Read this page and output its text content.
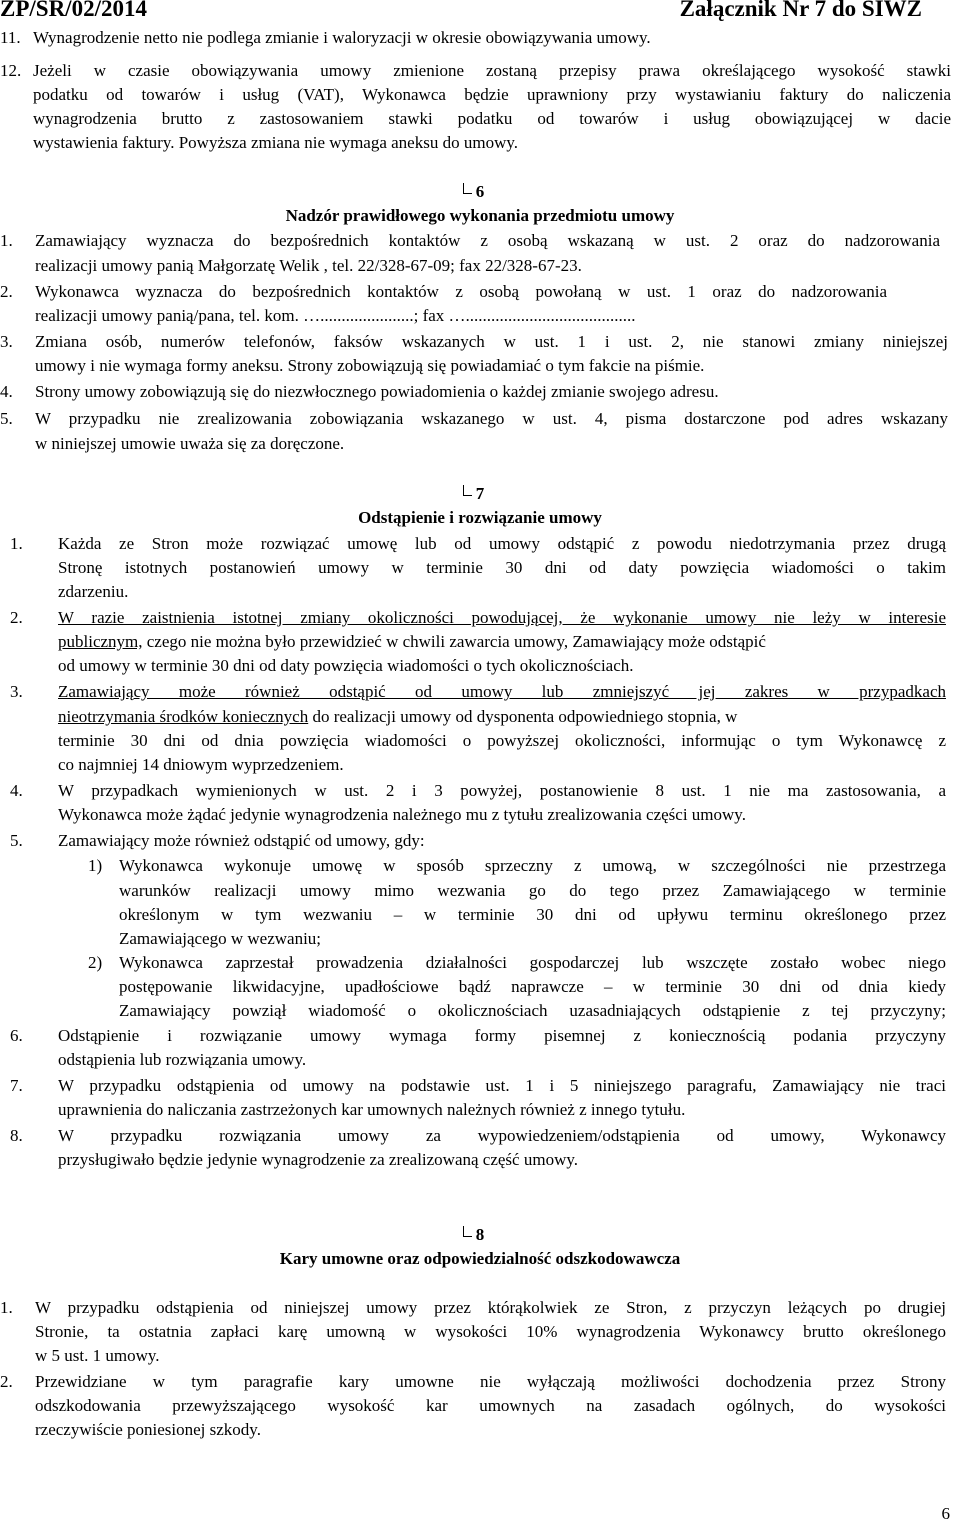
ZP/SR/02/2014	Załącznik Nr 7 do SIWZ
11. Wynagrodzenie netto nie podlega zmianie i waloryzacji w okresie obowiązywania umowy.
12. Jeżeli w czasie obowiązywania umowy zmienione zostaną przepisy prawa określającego wysokość stawki
podatku od towarów i usług (VAT), Wykonawca będzie uprawniony przy wystawianiu faktury do naliczenia
wynagrodzenia brutto z zastosowaniem stawki podatku od towarów i usług obowiązującej w dacie
wystawienia faktury. Powyższa zmiana nie wymaga aneksu do umowy.
6
Nadzór prawidłowego wykonania przedmiotu umowy
1. Zamawiający wyznacza do bezpośrednich kontaktów z osobą wskazaną w ust. 2 oraz do nadzorowania
realizacji umowy panią Małgorzatę Welik , tel. 22/328-67-09; fax 22/328-67-23.
2. Wykonawca wyznacza do bezpośrednich kontaktów z osobą powołaną w ust. 1 oraz do nadzorowania
realizacji umowy panią/pana, tel. kom. …......................; fax …........................................
3. Zmiana osób, numerów telefonów, faksów wskazanych w ust. 1 i ust. 2, nie stanowi zmiany niniejszej
umowy i nie wymaga formy aneksu. Strony zobowiązują się powiadamiać o tym fakcie na piśmie.
4. Strony umowy zobowiązują się do niezwłocznego powiadomienia o każdej zmianie swojego adresu.
5. W przypadku nie zrealizowania zobowiązania wskazanego w ust. 4, pisma dostarczone pod adres wskazany
w niniejszej umowie uważa się za doręczone.
7
Odstąpienie i rozwiązanie umowy
1. Każda ze Stron może rozwiązać umowę lub od umowy odstąpić z powodu niedotrzymania przez drugą
Stronę istotnych postanowień umowy w terminie 30 dni od daty powzięcia wiadomości o takim
zdarzeniu.
2. W razie zaistnienia istotnej zmiany okoliczności powodującej, że wykonanie umowy nie leży w interesie
publicznym, czego nie można było przewidzieć w chwili zawarcia umowy, Zamawiający może odstąpić
od umowy w terminie 30 dni od daty powzięcia wiadomości o tych okolicznościach.
3. Zamawiający może również odstąpić od umowy lub zmniejszyć jej zakres w przypadkach
nieotrzymania środków koniecznych do realizacji umowy od dysponenta odpowiedniego stopnia, w
terminie 30 dni od dnia powzięcia wiadomości o powyższej okoliczności, informując o tym Wykonawcę z
co najmniej 14 dniowym wyprzedzeniem.
4. W przypadkach wymienionych w ust. 2 i 3 powyżej, postanowienie 8 ust. 1 nie ma zastosowania, a
Wykonawca może żądać jedynie wynagrodzenia należnego mu z tytułu zrealizowania części umowy.
5. Zamawiający może również odstąpić od umowy, gdy:
1) Wykonawca wykonuje umowę w sposób sprzeczny z umową, w szczególności nie przestrzega
warunków realizacji umowy mimo wezwania go do tego przez Zamawiającego w terminie
określonym w tym wezwaniu – w terminie 30 dni od upływu terminu określonego przez
Zamawiającego w wezwaniu;
2) Wykonawca zaprzestał prowadzenia działalności gospodarczej lub wszczęte zostało wobec niego
postępowanie likwidacyjne, upadłościowe bądź naprawcze – w terminie 30 dni od dnia kiedy
Zamawiający powziął wiadomość o okolicznościach uzasadniających odstąpienie z tej przyczyny;
6. Odstąpienie i rozwiązanie umowy wymaga formy pisemnej z koniecznością podania przyczyny
odstąpienia lub rozwiązania umowy.
7. W przypadku odstąpienia od umowy na podstawie ust. 1 i 5 niniejszego paragrafu, Zamawiający nie traci
uprawnienia do naliczania zastrzeżonych kar umownych należnych również z innego tytułu.
8. W przypadku rozwiązania umowy za wypowiedzeniem/odstąpienia od umowy, Wykonawcy
przysługiwało będzie jedynie wynagrodzenie za zrealizowaną część umowy.
8
Kary umowne oraz odpowiedzialność odszkodowawcza
1. W przypadku odstąpienia od niniejszej umowy przez którąkolwiek ze Stron, z przyczyn leżących po drugiej
Stronie, ta ostatnia zapłaci karę umowną w wysokości 10% wynagrodzenia Wykonawcy brutto określonego
w 5 ust. 1 umowy.
2. Przewidziane w tym paragrafie kary umowne nie wyłączają możliwości dochodzenia przez Strony
odszkodowania przewyższającego wysokość kar umownych na zasadach ogólnych, do wysokości
rzeczywiście poniesionej szkody.
6
